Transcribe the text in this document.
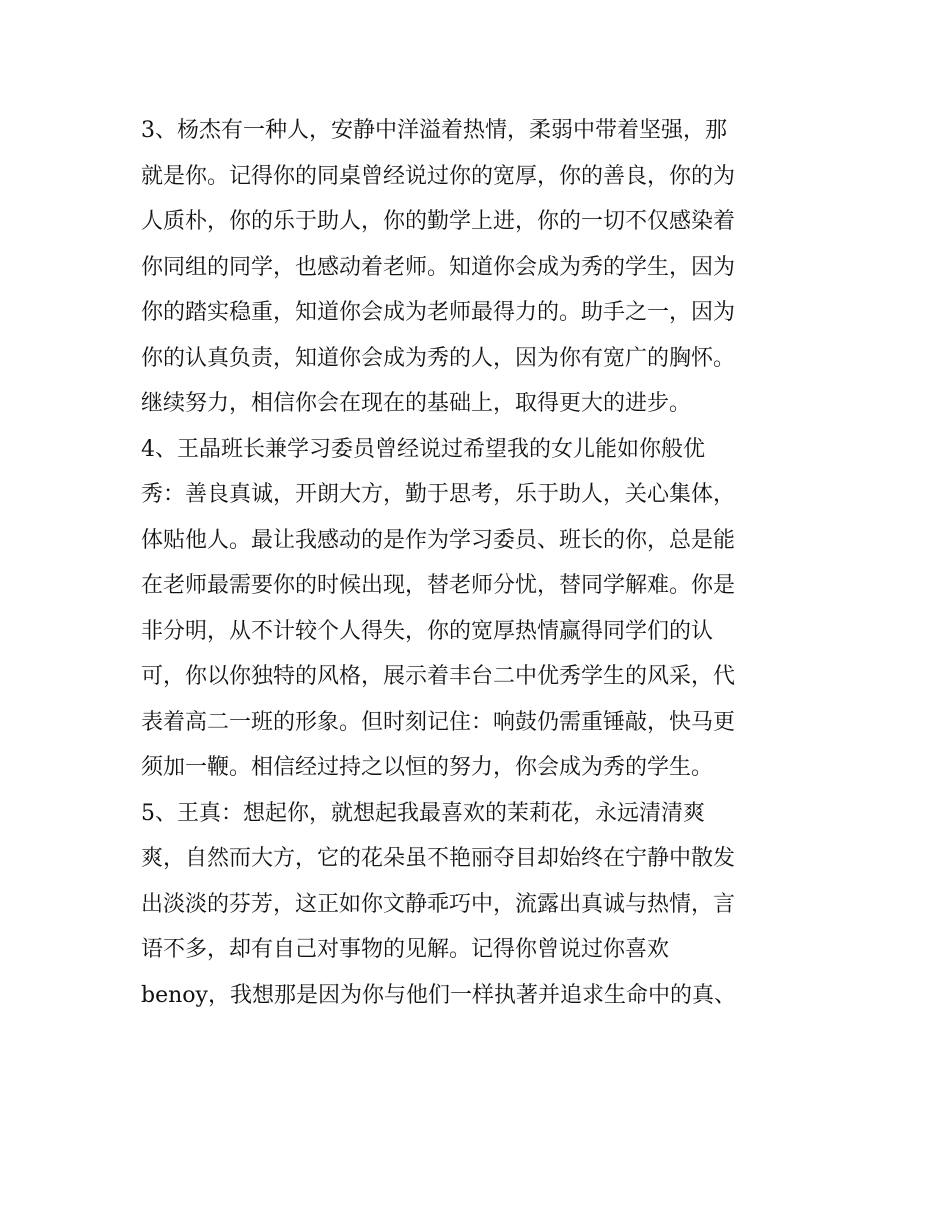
3、杨杰有一种人，安静中洋溢着热情，柔弱中带着坚强，那

就是你。记得你的同桌曾经说过你的宽厚，你的善良，你的为

人质朴，你的乐于助人，你的勤学上进，你的一切不仅感染着

你同组的同学，也感动着老师。知道你会成为秀的学生，因为

你的踏实稳重，知道你会成为老师最得力的。助手之一，因为

你的认真负责，知道你会成为秀的人，因为你有宽广的胸怀。

继续努力，相信你会在现在的基础上，取得更大的进步。

4、王晶班长兼学习委员曾经说过希望我的女儿能如你般优

秀：善良真诚，开朗大方，勤于思考，乐于助人，关心集体，

体贴他人。最让我感动的是作为学习委员、班长的你，总是能

在老师最需要你的时候出现，替老师分忧，替同学解难。你是

非分明，从不计较个人得失，你的宽厚热情赢得同学们的认

可，你以你独特的风格，展示着丰台二中优秀学生的风采，代

表着高二一班的形象。但时刻记住：响鼓仍需重锤敲，快马更

须加一鞭。相信经过持之以恒的努力，你会成为秀的学生。

5、王真：想起你，就想起我最喜欢的茉莉花，永远清清爽

爽，自然而大方，它的花朵虽不艳丽夺目却始终在宁静中散发

出淡淡的芬芳，这正如你文静乖巧中，流露出真诚与热情，言

语不多，却有自己对事物的见解。记得你曾说过你喜欢

benoy，我想那是因为你与他们一样执著并追求生命中的真、
